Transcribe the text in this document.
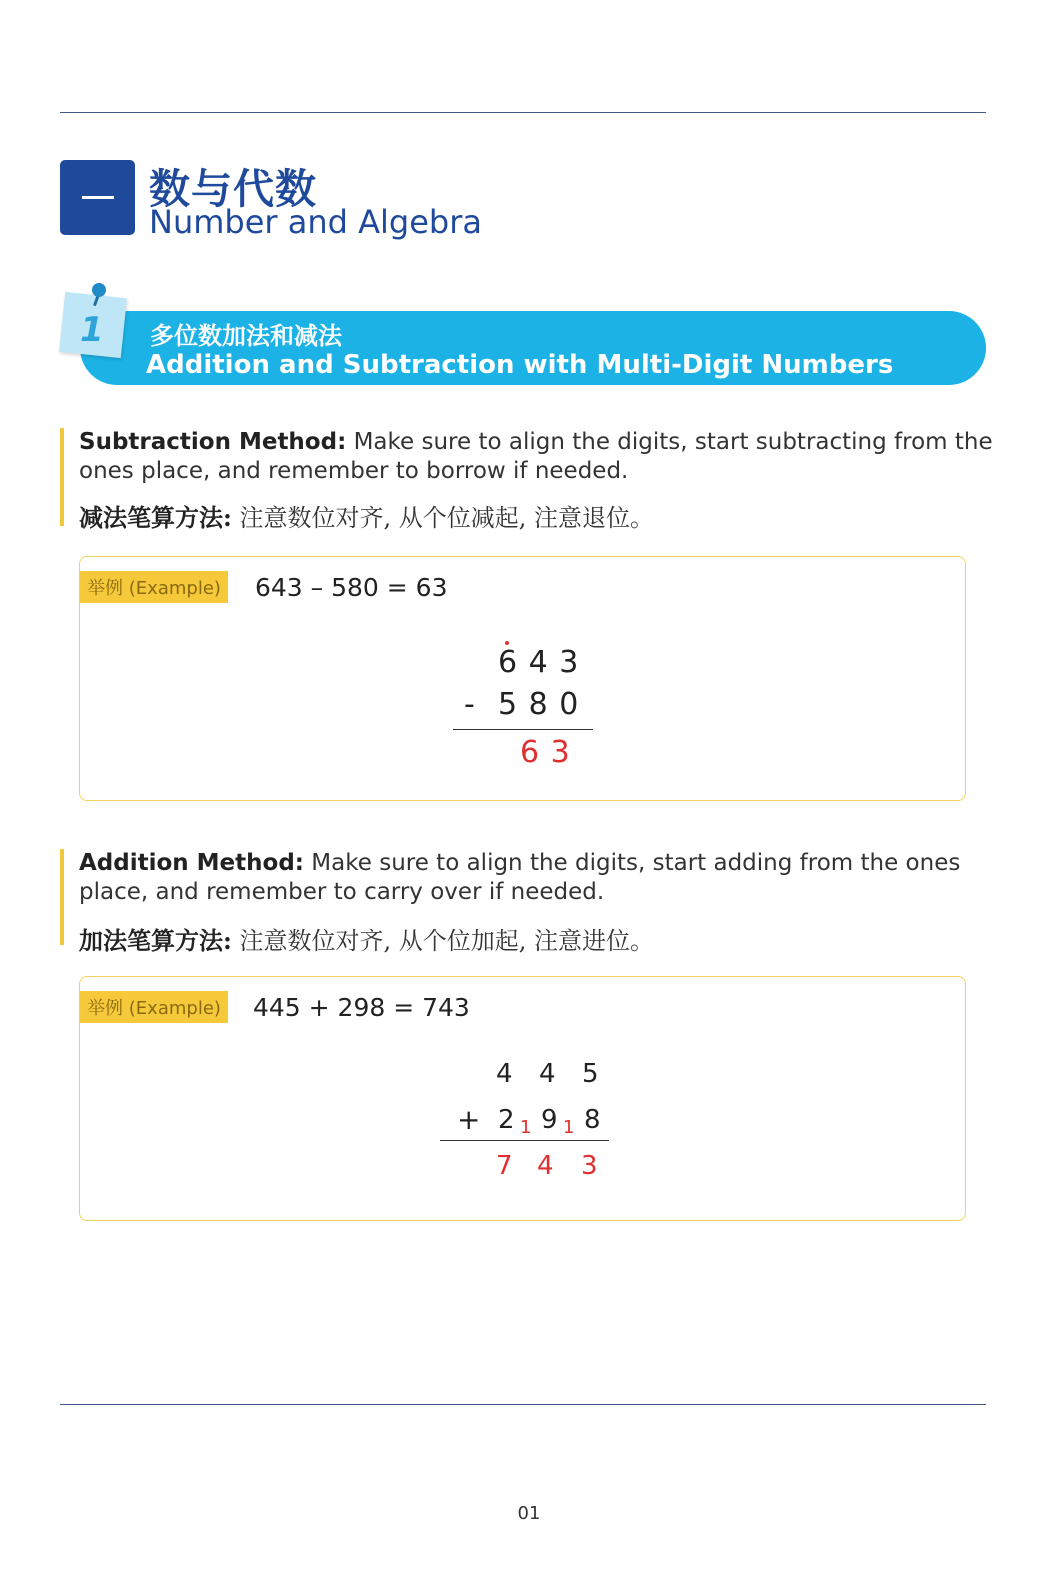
数与代数
Number and Algebra
1 多位数加法和减法
Addition and Subtraction with Multi-Digit Numbers
Subtraction Method: Make sure to align the digits, start subtracting from the ones place, and remember to borrow if needed.
减法笔算方法: 注意数位对齐, 从个位减起, 注意退位。
举例 (Example) 643 – 580 = 63
6 4 3
- 5 8 0
6 3
Addition Method: Make sure to align the digits, start adding from the ones place, and remember to carry over if needed.
加法笔算方法: 注意数位对齐, 从个位加起, 注意进位。
举例 (Example) 445 + 298 = 743
4 4 5
+ 2 1 9 1 8
7 4 3
01
